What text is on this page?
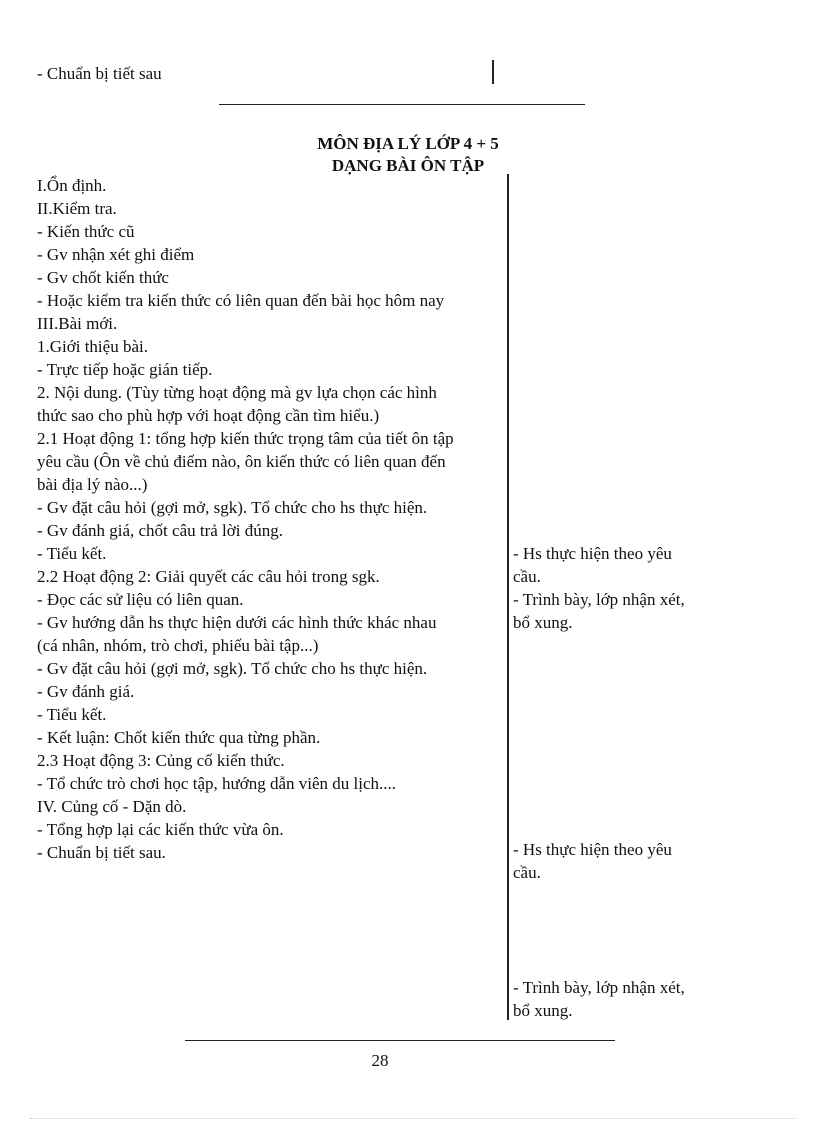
- Chuẩn bị tiết sau
MÔN ĐỊA LÝ LỚP 4 + 5
DẠNG BÀI ÔN TẬP
I.Ổn định.
II.Kiểm tra.
- Kiến thức cũ
- Gv nhận xét ghi điểm
- Gv chốt kiến thức
- Hoặc kiểm tra kiến thức có liên quan đến bài học hôm nay
III.Bài mới.
1.Giới thiệu bài.
- Trực tiếp hoặc gián tiếp.
2. Nội dung. (Tùy từng hoạt động mà gv lựa chọn các hình
thức sao cho phù hợp với hoạt động cần tìm hiểu.)
2.1 Hoạt động 1: tổng hợp kiến thức trọng tâm của tiết ôn tập
yêu cầu (Ôn về chủ điểm nào, ôn kiến thức có liên quan đến
bài địa lý nào...)
- Gv đặt câu hỏi (gợi mở, sgk). Tổ chức cho hs thực hiện.
- Gv đánh giá, chốt câu trả lời đúng.
- Tiểu kết.
2.2 Hoạt động 2: Giải quyết các câu hỏi trong sgk.
- Đọc các sử liệu có liên quan.
- Gv hướng dẫn hs thực hiện dưới các hình thức khác nhau
(cá nhân, nhóm, trò chơi, phiếu bài tập...)
- Gv đặt câu hỏi (gợi mở, sgk). Tổ chức cho hs thực hiện.
- Gv đánh giá.
- Tiểu kết.
- Kết luận: Chốt kiến thức qua từng phần.
2.3 Hoạt động 3: Củng cố kiến thức.
- Tổ chức trò chơi học tập, hướng dẫn viên du lịch....
IV. Củng cố - Dặn dò.
- Tổng hợp lại các kiến thức vừa ôn.
- Chuẩn bị tiết sau.
- Hs thực hiện theo yêu
cầu.
- Trình bày, lớp nhận xét,
bổ xung.
- Hs thực hiện theo yêu
cầu.
- Trình bày, lớp nhận xét,
bổ xung.
28
